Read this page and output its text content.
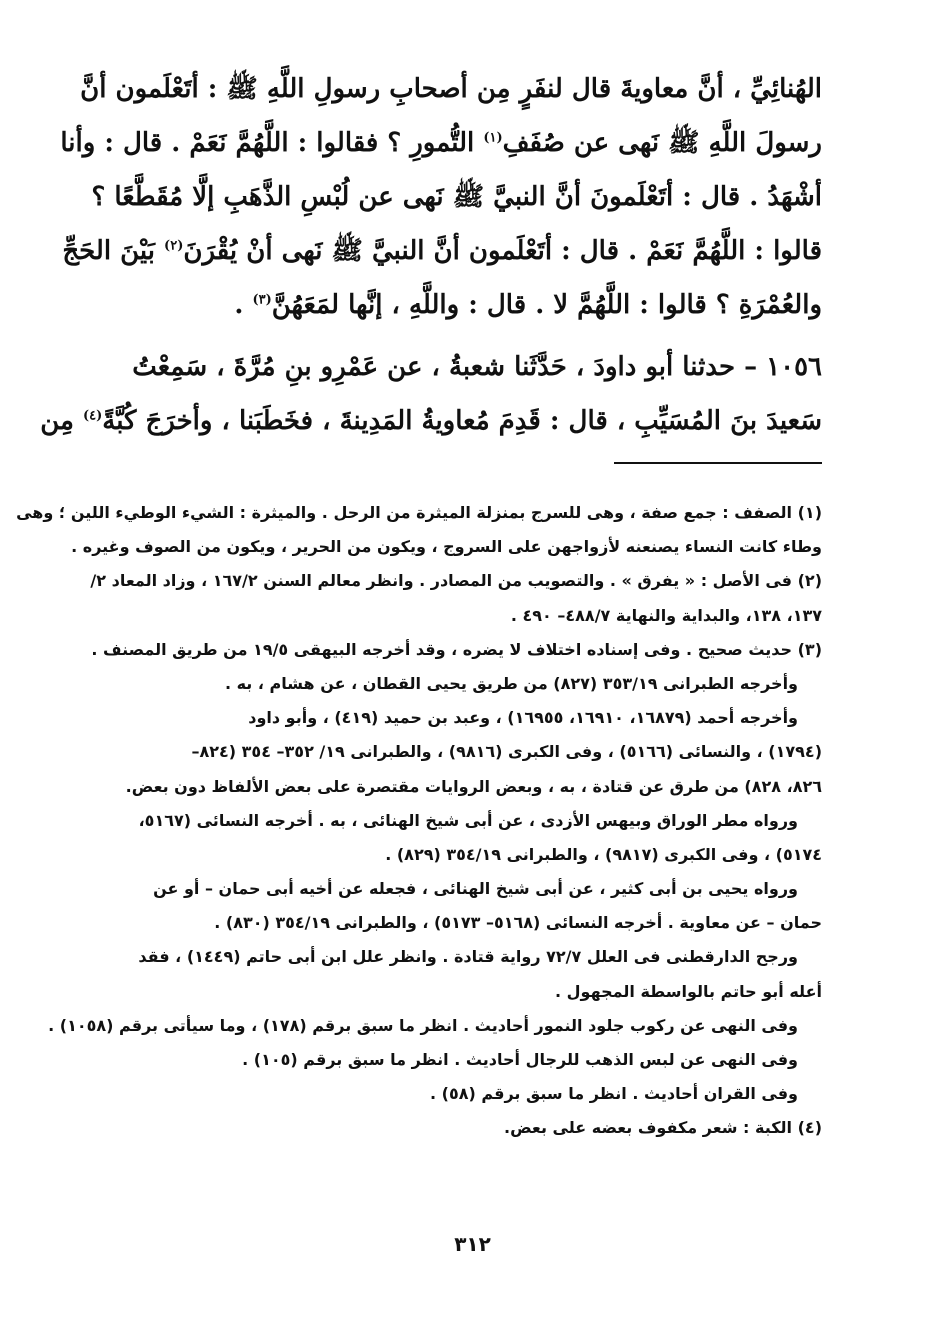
الهُنائِيِّ ، أنَّ معاويةَ قال لنفَرٍ مِن أصحابِ رسولِ اللَّهِ ﷺ : أتَعْلَمون أنَّ
رسولَ اللَّهِ ﷺ نَهى عن صُفَفِ$^{(١)}$ التُّمورِ ؟ فقالوا : اللَّهُمَّ نَعَمْ . قال : وأنا
أشْهَدُ . قال : أتَعْلَمونَ أنَّ النبيَّ ﷺ نَهى عن لُبْسِ الذَّهَبِ إلَّا مُقَطَّعًا ؟
قالوا : اللَّهُمَّ نَعَمْ . قال : أتَعْلَمون أنَّ النبيَّ ﷺ نَهى أنْ يُقْرَنَ$^{(٢)}$ بَيْنَ الحَجِّ
والعُمْرَةِ ؟ قالوا : اللَّهُمَّ لا . قال : واللَّهِ ، إنَّها لمَعَهُنَّ$^{(٣)}$ .
١٠٥٦ – حدثنا أبو داودَ ، حَدَّثَنا شعبةُ ، عن عَمْرِو بنِ مُرَّةَ ، سَمِعْتُ
سَعيدَ بنَ المُسَيِّبِ ، قال : قَدِمَ مُعاويةُ المَدِينةَ ، فخَطَبَنا ، وأخرَجَ كُبَّةً$^{(٤)}$ مِن
(١) الصفف : جمع صفة ، وهى للسرج بمنزلة الميثرة من الرحل . والميثرة : الشيء الوطيء اللين ؛ وهى
وطاء كانت النساء يصنعنه لأزواجهن على السروج ، ويكون من الحرير ، ويكون من الصوف وغيره .
(٢) فى الأصل : « يفرق » . والتصويب من المصادر . وانظر معالم السنن ١٦٧/٢ ، وزاد المعاد ٢/
١٣٧، ١٣٨، والبداية والنهاية ٤٨٨/٧– ٤٩٠ .
(٣) حديث صحيح . وفى إسناده اختلاف لا يضره ، وقد أخرجه البيهقى ١٩/٥ من طريق المصنف .
وأخرجه الطبرانى ٣٥٣/١٩ (٨٢٧) من طريق يحيى القطان ، عن هشام ، به .
وأخرجه أحمد (١٦٨٧٩، ١٦٩١٠، ١٦٩٥٥) ، وعبد بن حميد (٤١٩) ، وأبو داود
(١٧٩٤) ، والنسائى (٥١٦٦) ، وفى الكبرى (٩٨١٦) ، والطبرانى ١٩/ ٣٥٢– ٣٥٤ (٨٢٤–
٨٢٦، ٨٢٨) من طرق عن قتادة ، به ، وبعض الروايات مقتصرة على بعض الألفاظ دون بعض.
ورواه مطر الوراق وبيهس الأزدى ، عن أبى شيخ الهنائى ، به . أخرجه النسائى (٥١٦٧،
٥١٧٤) ، وفى الكبرى (٩٨١٧) ، والطبرانى ٣٥٤/١٩ (٨٢٩) .
ورواه يحيى بن أبى كثير ، عن أبى شيخ الهنائى ، فجعله عن أخيه أبى حمان – أو عن
حمان – عن معاوية . أخرجه النسائى (٥١٦٨– ٥١٧٣) ، والطبرانى ٣٥٤/١٩ (٨٣٠) .
ورجح الدارقطنى فى العلل ٧٢/٧ رواية قتادة . وانظر علل ابن أبى حاتم (١٤٤٩) ، فقد
أعله أبو حاتم بالواسطة المجهول .
وفى النهى عن ركوب جلود النمور أحاديث . انظر ما سبق برقم (١٧٨) ، وما سيأتى برقم (١٠٥٨) .
وفى النهى عن لبس الذهب للرجال أحاديث . انظر ما سبق برقم (١٠٥) .
وفى القران أحاديث . انظر ما سبق برقم (٥٨) .
(٤) الكبة : شعر مكفوف بعضه على بعض.
٣١٢
